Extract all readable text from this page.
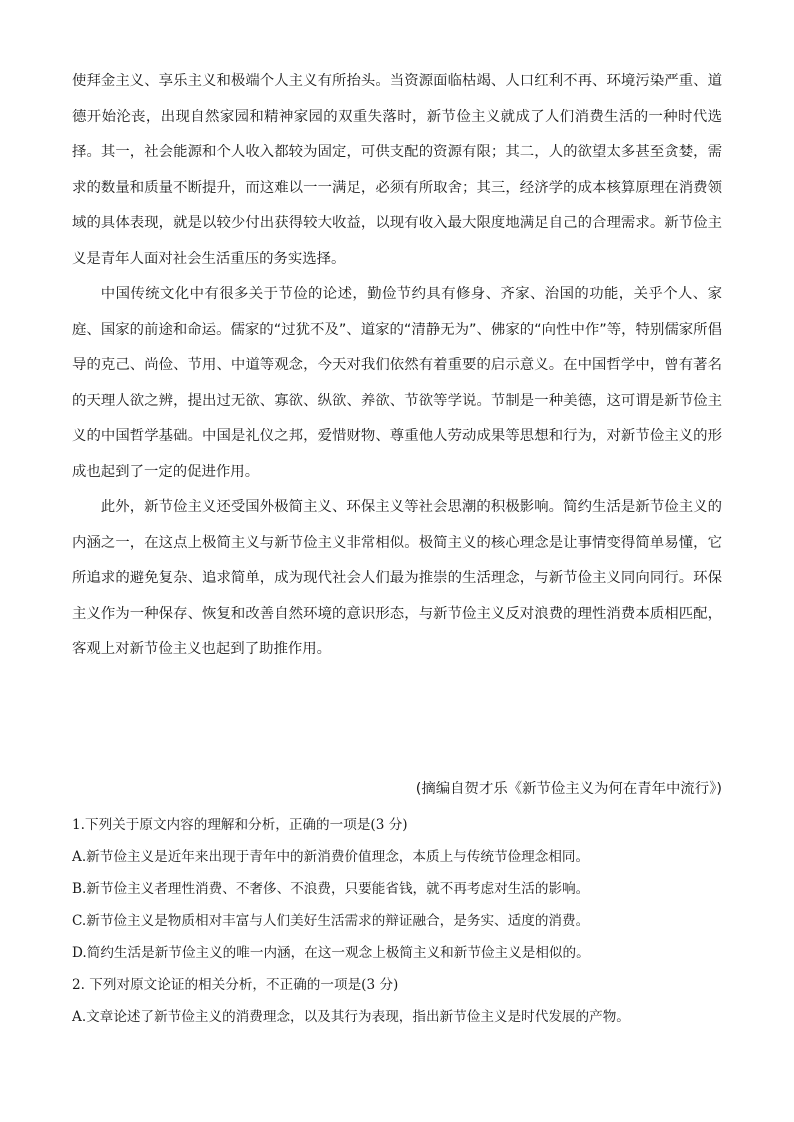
使拜金主义、享乐主义和极端个人主义有所抬头。当资源面临枯竭、人口红利不再、环境污染严重、道德开始沦丧，出现自然家园和精神家园的双重失落时，新节俭主义就成了人们消费生活的一种时代选择。其一，社会能源和个人收入都较为固定，可供支配的资源有限；其二，人的欲望太多甚至贪婪，需求的数量和质量不断提升，而这难以一一满足，必须有所取舍；其三，经济学的成本核算原理在消费领域的具体表现，就是以较少付出获得较大收益，以现有收入最大限度地满足自己的合理需求。新节俭主义是青年人面对社会生活重压的务实选择。

中国传统文化中有很多关于节俭的论述，勤俭节约具有修身、齐家、治国的功能，关乎个人、家庭、国家的前途和命运。儒家的“过犹不及”、道家的“清静无为”、佛家的“向性中作”等，特别儒家所倡导的克己、尚俭、节用、中道等观念，今天对我们依然有着重要的启示意义。在中国哲学中，曾有著名的天理人欲之辨，提出过无欲、寡欲、纵欲、养欲、节欲等学说。节制是一种美德，这可谓是新节俭主义的中国哲学基础。中国是礼仪之邦，爱惜财物、尊重他人劳动成果等思想和行为，对新节俭主义的形成也起到了一定的促进作用。

此外，新节俭主义还受国外极简主义、环保主义等社会思潮的积极影响。简约生活是新节俭主义的内涵之一，在这点上极简主义与新节俭主义非常相似。极简主义的核心理念是让事情变得简单易懂，它所追求的避免复杂、追求简单，成为现代社会人们最为推崇的生活理念，与新节俭主义同向同行。环保主义作为一种保存、恢复和改善自然环境的意识形态，与新节俭主义反对浪费的理性消费本质相匹配，客观上对新节俭主义也起到了助推作用。

(摘编自贺才乐《新节俭主义为何在青年中流行》)

1.下列关于原文内容的理解和分析，正确的一项是(3 分)

A.新节俭主义是近年来出现于青年中的新消费价值理念，本质上与传统节俭理念相同。

B.新节俭主义者理性消费、不奢侈、不浪费，只要能省钱，就不再考虑对生活的影响。

C.新节俭主义是物质相对丰富与人们美好生活需求的辩证融合，是务实、适度的消费。

D.简约生活是新节俭主义的唯一内涵，在这一观念上极简主义和新节俭主义是相似的。

2. 下列对原文论证的相关分析，不正确的一项是(3 分)

A.文章论述了新节俭主义的消费理念，以及其行为表现，指出新节俭主义是时代发展的产物。
